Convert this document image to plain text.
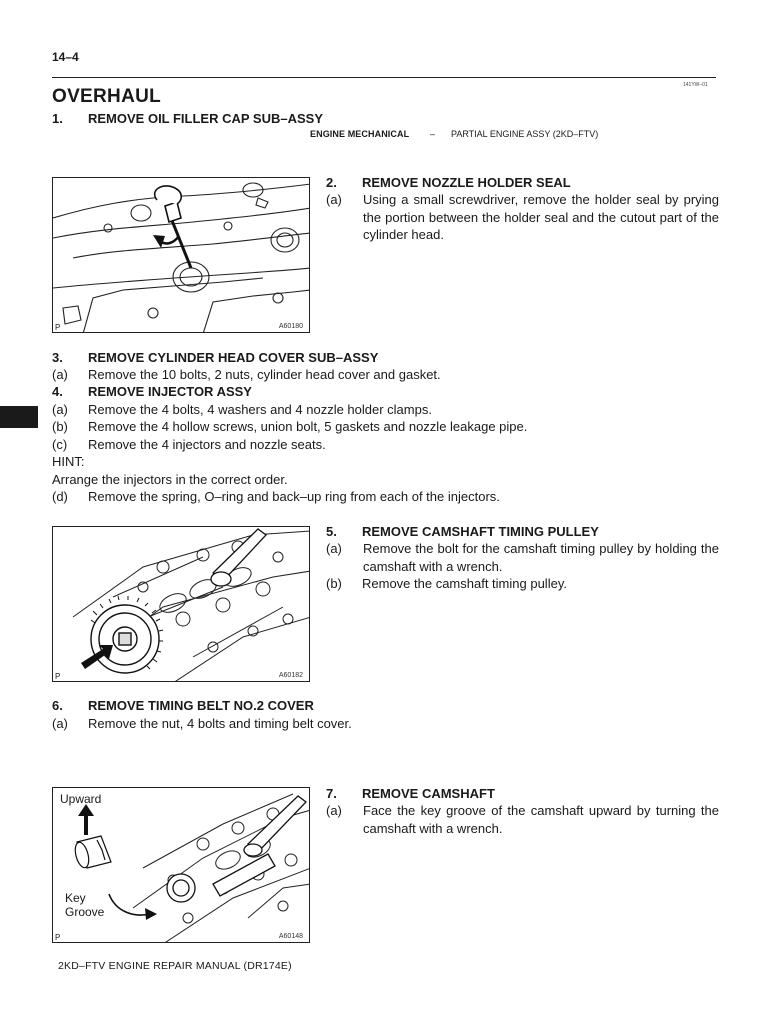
14–4
ENGINE MECHANICAL – PARTIAL ENGINE ASSY (2KD–FTV)
141YW–01
OVERHAUL
1. REMOVE OIL FILLER CAP SUB–ASSY
P	A60180
2. REMOVE NOZZLE HOLDER SEAL
(a) Using a small screwdriver, remove the holder seal by prying the portion between the holder seal and the cutout part of the cylinder head.
3. REMOVE CYLINDER HEAD COVER SUB–ASSY
(a) Remove the 10 bolts, 2 nuts, cylinder head cover and gasket.
4. REMOVE INJECTOR ASSY
(a) Remove the 4 bolts, 4 washers and 4 nozzle holder clamps.
(b) Remove the 4 hollow screws, union bolt, 5 gaskets and nozzle leakage pipe.
(c) Remove the 4 injectors and nozzle seats.
HINT:
Arrange the injectors in the correct order.
(d) Remove the spring, O–ring and back–up ring from each of the injectors.
P	A60182
5. REMOVE CAMSHAFT TIMING PULLEY
(a) Remove the bolt for the camshaft timing pulley by holding the camshaft with a wrench.
(b) Remove the camshaft timing pulley.
6. REMOVE TIMING BELT NO.2 COVER
(a) Remove the nut, 4 bolts and timing belt cover.
Upward
Key
Groove
P	A60148
7. REMOVE CAMSHAFT
(a) Face the key groove of the camshaft upward by turning the camshaft with a wrench.
2KD–FTV ENGINE REPAIR MANUAL (DR174E)
